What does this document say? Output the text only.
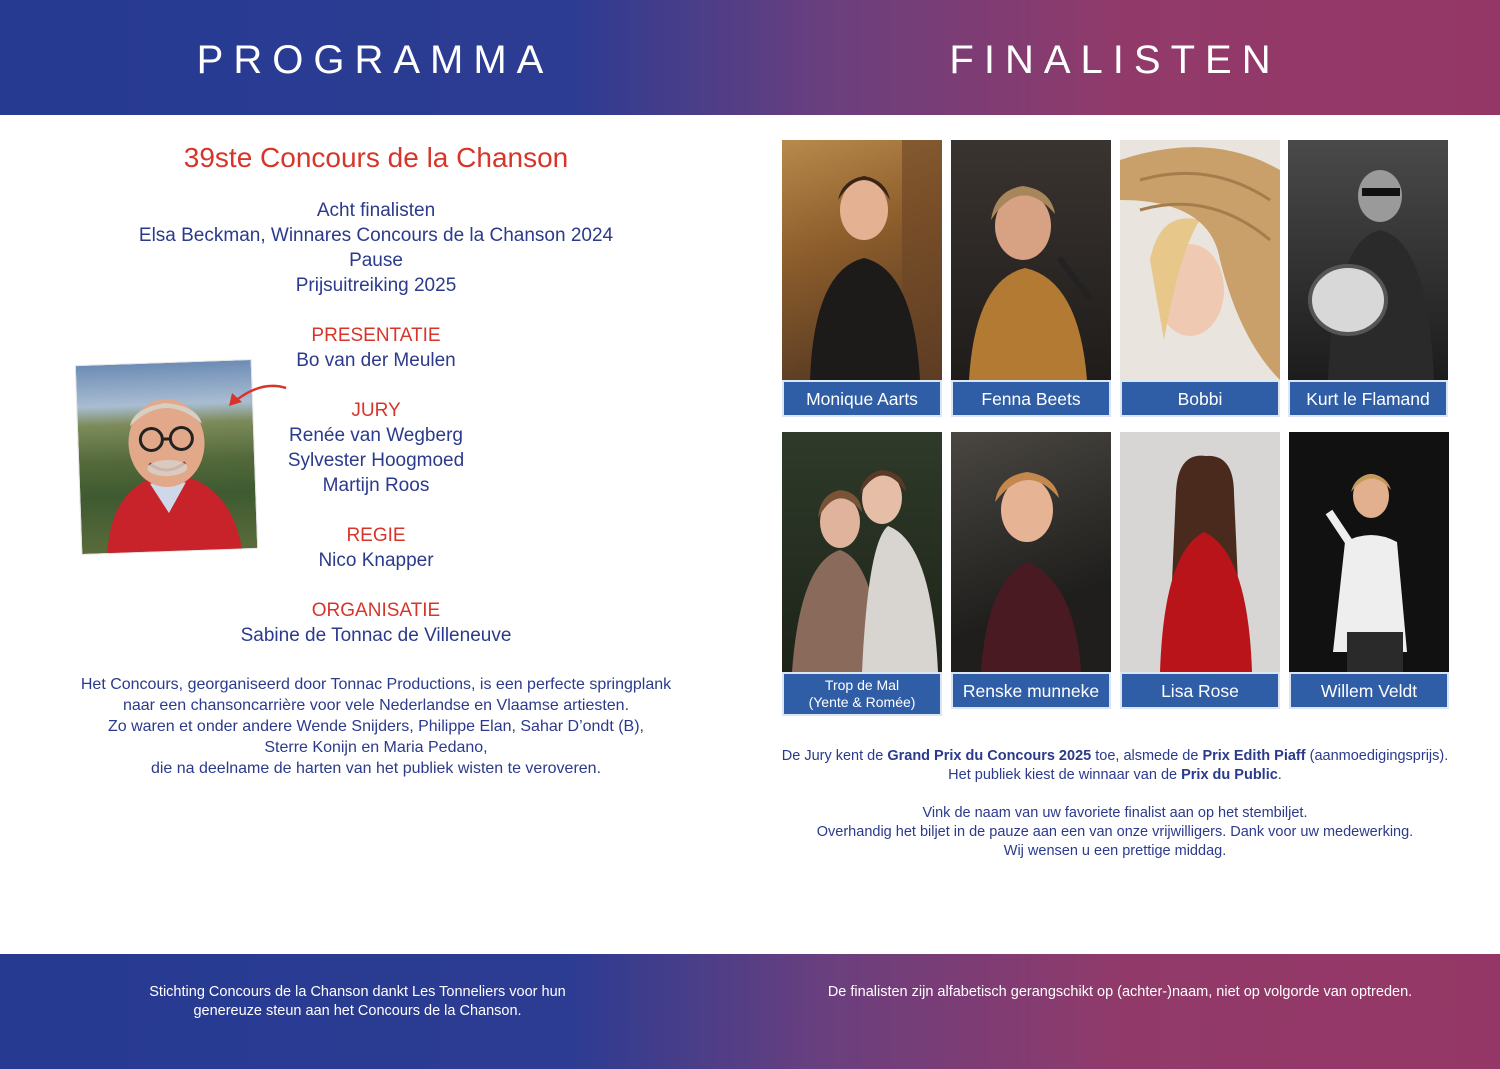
PROGRAMMA	FINALISTEN
39ste Concours de la Chanson
Acht finalisten
Elsa Beckman, Winnares Concours de la Chanson 2024
Pause
Prijsuitreiking 2025
PRESENTATIE
Bo van der Meulen
JURY
Renée van Wegberg
Sylvester Hoogmoed
Martijn Roos
REGIE
Nico Knapper
ORGANISATIE
Sabine de Tonnac de Villeneuve
Het Concours, georganiseerd door Tonnac Productions, is een perfecte springplank
naar een chansoncarrière voor vele Nederlandse en Vlaamse artiesten.
Zo waren et onder andere Wende Snijders, Philippe Elan, Sahar D’ondt (B),
Sterre Konijn en Maria Pedano,
die na deelname de harten van het publiek wisten te veroveren.
Monique Aarts	Fenna Beets	Bobbi	Kurt le Flamand
Trop de Mal
(Yente & Romée)
Renske munneke	Lisa Rose	Willem Veldt
De Jury kent de Grand Prix du Concours 2025 toe, alsmede de Prix Edith Piaff (aanmoedigingsprijs).
Het publiek kiest de winnaar van de Prix du Public.
Vink de naam van uw favoriete finalist aan op het stembiljet.
Overhandig het biljet in de pauze aan een van onze vrijwilligers. Dank voor uw medewerking.
Wij wensen u een prettige middag.
Stichting Concours de la Chanson dankt Les Tonneliers voor hun
genereuze steun aan het Concours de la Chanson.
De finalisten zijn alfabetisch gerangschikt op (achter-)naam, niet op volgorde van optreden.
